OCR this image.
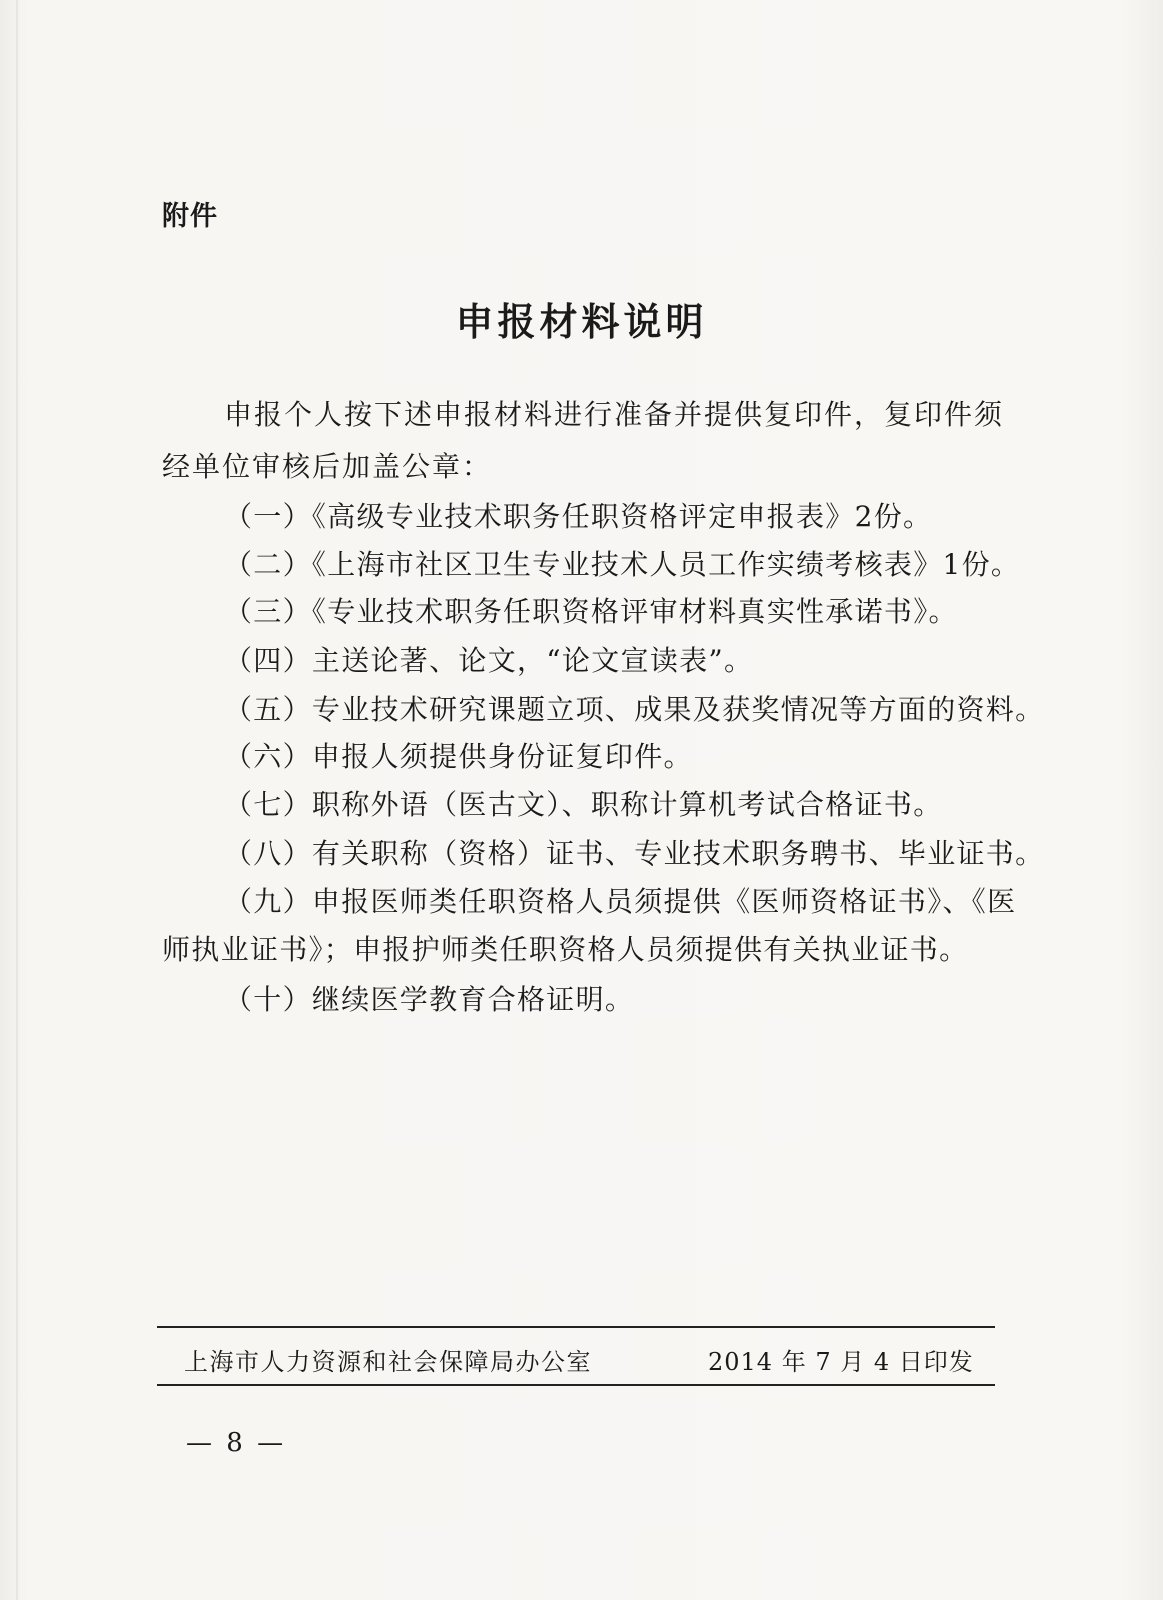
附件
申报材料说明
申报个人按下述申报材料进行准备并提供复印件，复印件须
经单位审核后加盖公章：
（一）《高级专业技术职务任职资格评定申报表》2份。
（二）《上海市社区卫生专业技术人员工作实绩考核表》1份。
（三）《专业技术职务任职资格评审材料真实性承诺书》。
（四）主送论著、论文，“论文宣读表”。
（五）专业技术研究课题立项、成果及获奖情况等方面的资料。
（六）申报人须提供身份证复印件。
（七）职称外语（医古文）、职称计算机考试合格证书。
（八）有关职称（资格）证书、专业技术职务聘书、毕业证书。
（九）申报医师类任职资格人员须提供《医师资格证书》、《医
师执业证书》；申报护师类任职资格人员须提供有关执业证书。
（十）继续医学教育合格证明。
上海市人力资源和社会保障局办公室	2014 年 7 月 4 日印发
— 8 —
